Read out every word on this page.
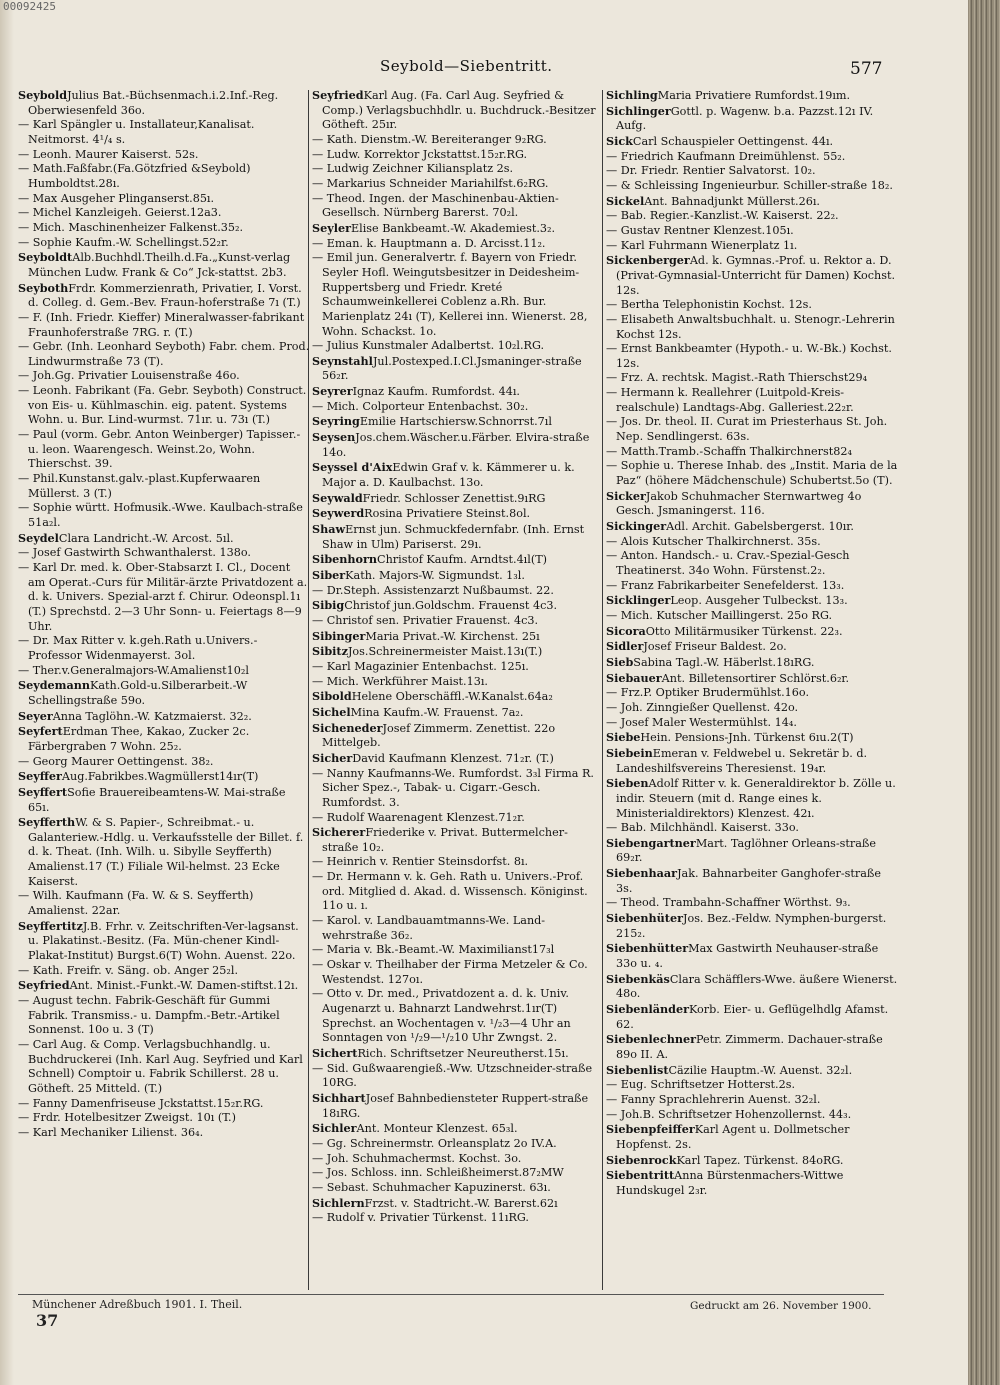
00092425
Seybold—Siebentritt.	577

SeyboldJulius Bat.-Büchsenmach.i.2.Inf.-Reg. Oberwiesenfeld 36o.

— Karl Spängler u. Installateur,Kanalisat. Neitmorst. 4¹/₄ s.

— Leonh. Maurer Kaiserst. 52s.

— Math.Faßfabr.(Fa.Götzfried &Seybold) Humboldtst.28ı.

— Max Ausgeher Plinganserst.85ı.

— Michel Kanzleigeh. Geierst.12a3.

— Mich. Maschinenheizer Falkenst.35₂.

— Sophie Kaufm.-W. Schellingst.52₂r.

SeyboldtAlb.Buchhdl.Theilh.d.Fa.„Kunst-verlag München Ludw. Frank & Co“ Jck-stattst. 2b3.

SeybothFrdr. Kommerzienrath, Privatier, I. Vorst. d. Colleg. d. Gem.-Bev. Fraun-hoferstraße 7ı (T.)

— F. (Inh. Friedr. Kieffer) Mineralwasser-fabrikant Fraunhoferstraße 7RG. r. (T.)

— Gebr. (Inh. Leonhard Seyboth) Fabr. chem. Prod. Lindwurmstraße 73 (T).

— Joh.Gg. Privatier Louisenstraße 46o.

— Leonh. Fabrikant (Fa. Gebr. Seyboth) Construct. von Eis- u. Kühlmaschin. eig. patent. Systems Wohn. u. Bur. Lind-wurmst. 71ır. u. 73ı (T.)

— Paul (vorm. Gebr. Anton Weinberger) Tapisser.-u. leon. Waarengesch. Weinst.2o, Wohn. Thierschst. 39.

— Phil.Kunstanst.galv.-plast.Kupferwaaren Müllerst. 3 (T.)

— Sophie württ. Hofmusik.-Wwe. Kaulbach-straße 51a₂l.

SeydelClara Landricht.-W. Arcost. 5ıl.

— Josef Gastwirth Schwanthalerst. 138o.

— Karl Dr. med. k. Ober-Stabsarzt I. Cl., Docent am Operat.-Curs für Militär-ärzte Privatdozent a. d. k. Univers. Spezial-arzt f. Chirur. Odeonspl.1ı (T.) Sprechstd. 2—3 Uhr Sonn- u. Feiertags 8—9 Uhr.

— Dr. Max Ritter v. k.geh.Rath u.Univers.-Professor Widenmayerst. 3ol.

— Ther.v.Generalmajors-W.Amalienst10₂l

SeydemannKath.Gold-u.Silberarbeit.-W Schellingstraße 59o.

SeyerAnna Taglöhn.-W. Katzmaierst. 32₂.

SeyfertErdman Thee, Kakao, Zucker 2c. Färbergraben 7 Wohn. 25₂.

— Georg Maurer Oettingenst. 38₂.

SeyfferAug.Fabrikbes.Wagmüllerst14ır(T)

SeyffertSofie Brauereibeamtens-W. Mai-straße 65ı.

SeyfferthW. & S. Papier-, Schreibmat.- u. Galanteriew.-Hdlg. u. Verkaufsstelle der Billet. f. d. k. Theat. (Inh. Wilh. u. Sibylle Seyfferth) Amalienst.17 (T.) Filiale Wil-helmst. 23 Ecke Kaiserst.

— Wilh. Kaufmann (Fa. W. & S. Seyfferth) Amalienst. 22ar.

SeyffertitzJ.B. Frhr. v. Zeitschriften-Ver-lagsanst. u. Plakatinst.-Besitz. (Fa. Mün-chener Kindl-Plakat-Institut) Burgst.6(T) Wohn. Auenst. 22o.

— Kath. Freifr. v. Säng. ob. Anger 25₂l.

SeyfriedAnt. Minist.-Funkt.-W. Damen-stiftst.12ı.

— August techn. Fabrik-Geschäft für Gummi Fabrik. Transmiss.- u. Dampfm.-Betr.-Artikel Sonnenst. 10o u. 3 (T)

— Carl Aug. & Comp. Verlagsbuchhandlg. u. Buchdruckerei (Inh. Karl Aug. Seyfried und Karl Schnell) Comptoir u. Fabrik Schillerst. 28 u. Götheft. 25 Mitteld. (T.)

— Fanny Damenfriseuse Jckstattst.15₂r.RG.

— Frdr. Hotelbesitzer Zweigst. 10ı (T.)

— Karl Mechaniker Lilienst. 36₄.

SeyfriedKarl Aug. (Fa. Carl Aug. Seyfried & Comp.) Verlagsbuchhdlr. u. Buchdruck.-Besitzer Götheft. 25ır.

— Kath. Dienstm.-W. Bereiteranger 9₂RG.

— Ludw. Korrektor Jckstattst.15₂r.RG.

— Ludwig Zeichner Kiliansplatz 2s.

— Markarius Schneider Mariahilfst.6₂RG.

— Theod. Ingen. der Maschinenbau-Aktien-Gesellsch. Nürnberg Barerst. 70₂l.

SeylerElise Bankbeamt.-W. Akademiest.3₂.

— Eman. k. Hauptmann a. D. Arcisst.11₂.

— Emil jun. Generalvertr. f. Bayern von Friedr. Seyler Hofl. Weingutsbesitzer in Deidesheim-Ruppertsberg und Friedr. Kreté Schaumweinkellerei Coblenz a.Rh. Bur. Marienplatz 24ı (T), Kellerei inn. Wienerst. 28, Wohn. Schackst. 1o.

— Julius Kunstmaler Adalbertst. 10₂l.RG.

SeynstahlJul.Postexped.I.Cl.Jsmaninger-straße 56₂r.

SeyrerIgnaz Kaufm. Rumfordst. 44ı.

— Mich. Colporteur Entenbachst. 30₂.

SeyringEmilie Hartschiersw.Schnorrst.7ıl

SeysenJos.chem.Wäscher.u.Färber. Elvira-straße 14o.

Seyssel d'AixEdwin Graf v. k. Kämmerer u. k. Major a. D. Kaulbachst. 13o.

SeywaldFriedr. Schlosser Zenettist.9ıRG

SeywerdRosina Privatiere Steinst.8ol.

ShawErnst jun. Schmuckfedernfabr. (Inh. Ernst Shaw in Ulm) Pariserst. 29ı.

SibenhornChristof Kaufm. Arndtst.4ıl(T)

SiberKath. Majors-W. Sigmundst. 1₃l.

— Dr.Steph. Assistenzarzt Nußbaumst. 22.

SibigChristof jun.Goldschm. Frauenst 4c3.

— Christof sen. Privatier Frauenst. 4c3.

SibingerMaria Privat.-W. Kirchenst. 25ı

SibitzJos.Schreinermeister Maist.13ı(T.)

— Karl Magazinier Entenbachst. 125ı.

— Mich. Werkführer Maist.13ı.

SiboldHelene Oberschäffl.-W.Kanalst.64a₂

SichelMina Kaufm.-W. Frauenst. 7a₂.

SichenederJosef Zimmerm. Zenettist. 22o Mittelgeb.

SicherDavid Kaufmann Klenzest. 71₂r. (T.)

— Nanny Kaufmanns-We. Rumfordst. 3₃l Firma R. Sicher Spez.-, Tabak- u. Cigarr.-Gesch. Rumfordst. 3.

— Rudolf Waarenagent Klenzest.71₂r.

SichererFriederike v. Privat. Buttermelcher-straße 10₂.

— Heinrich v. Rentier Steinsdorfst. 8ı.

— Dr. Hermann v. k. Geh. Rath u. Univers.-Prof. ord. Mitglied d. Akad. d. Wissensch. Königinst. 11o u. ı.

— Karol. v. Landbauamtmanns-We. Land-wehrstraße 36₂.

— Maria v. Bk.-Beamt.-W. Maximilianst17₃l

— Oskar v. Theilhaber der Firma Metzeler & Co. Westendst. 127oı.

— Otto v. Dr. med., Privatdozent a. d. k. Univ. Augenarzt u. Bahnarzt Landwehrst.1ır(T) Sprechst. an Wochentagen v. ¹/₂3—4 Uhr an Sonntagen von ¹/₂9—¹/₂10 Uhr Zwngst. 2.

SichertRich. Schriftsetzer Neureutherst.15ı.

— Sid. Gußwaarengieß.-Ww. Utzschneider-straße 10RG.

SichhartJosef Bahnbediensteter Ruppert-straße 18ıRG.

SichlerAnt. Monteur Klenzest. 65₃l.

— Gg. Schreinermstr. Orleansplatz 2o IV.A.

— Joh. Schuhmachermst. Kochst. 3o.

— Jos. Schloss. inn. Schleißheimerst.87₂MW

— Sebast. Schuhmacher Kapuzinerst. 63ı.

SichlernFrzst. v. Stadtricht.-W. Barerst.62ı

— Rudolf v. Privatier Türkenst. 11ıRG.

SichlingMaria Privatiere Rumfordst.19ım.

SichlingerGottl. p. Wagenw. b.a. Pazzst.12ı IV. Aufg.

SickCarl Schauspieler Oettingenst. 44ı.

— Friedrich Kaufmann Dreimühlenst. 55₂.

— Dr. Friedr. Rentier Salvatorst. 10₂.

— & Schleissing Ingenieurbur. Schiller-straße 18₂.

SickelAnt. Bahnadjunkt Müllerst.26ı.

— Bab. Regier.-Kanzlist.-W. Kaiserst. 22₂.

— Gustav Rentner Klenzest.105ı.

— Karl Fuhrmann Wienerplatz 1ı.

SickenbergerAd. k. Gymnas.-Prof. u. Rektor a. D. (Privat-Gymnasial-Unterricht für Damen) Kochst. 12s.

— Bertha Telephonistin Kochst. 12s.

— Elisabeth Anwaltsbuchhalt. u. Stenogr.-Lehrerin Kochst 12s.

— Ernst Bankbeamter (Hypoth.- u. W.-Bk.) Kochst. 12s.

— Frz. A. rechtsk. Magist.-Rath Thierschst29₄

— Hermann k. Reallehrer (Luitpold-Kreis-realschule) Landtags-Abg. Galleriest.22₂r.

— Jos. Dr. theol. II. Curat im Priesterhaus St. Joh. Nep. Sendlingerst. 63s.

— Matth.Tramb.-Schaffn Thalkirchnerst82₄

— Sophie u. Therese Inhab. des „Instit. Maria de la Paz“ (höhere Mädchenschule) Schubertst.5o (T).

SickerJakob Schuhmacher Sternwartweg 4o Gesch. Jsmaningerst. 116.

SickingerAdl. Archit. Gabelsbergerst. 10ır.

— Alois Kutscher Thalkirchnerst. 35s.

— Anton. Handsch.- u. Crav.-Spezial-Gesch Theatinerst. 34o Wohn. Fürstenst.2₂.

— Franz Fabrikarbeiter Senefelderst. 13₃.

SicklingerLeop. Ausgeher Tulbeckst. 13₃.

— Mich. Kutscher Maillingerst. 25o RG.

SicoraOtto Militärmusiker Türkenst. 22₃.

SidlerJosef Friseur Baldest. 2o.

SiebSabina Tagl.-W. Häberlst.18ıRG.

SiebauerAnt. Billetensortirer Schlörst.6₂r.

— Frz.P. Optiker Brudermühlst.16o.

— Joh. Zinngießer Quellenst. 42o.

— Josef Maler Westermühlst. 14₄.

SiebeHein. Pensions-Jnh. Türkenst 6ıu.2(T)

SiebeinEmeran v. Feldwebel u. Sekretär b. d. Landeshilfsvereins Theresienst. 19₄r.

SiebenAdolf Ritter v. k. Generaldirektor b. Zölle u. indir. Steuern (mit d. Range eines k. Ministerialdirektors) Klenzest. 42ı.

— Bab. Milchhändl. Kaiserst. 33o.

SiebengartnerMart. Taglöhner Orleans-straße 69₂r.

SiebenhaarJak. Bahnarbeiter Ganghofer-straße 3s.

— Theod. Trambahn-Schaffner Wörthst. 9₃.

SiebenhüterJos. Bez.-Feldw. Nymphen-burgerst. 215₂.

SiebenhütterMax Gastwirth Neuhauser-straße 33o u. ₄.

SiebenkäsClara Schäfflers-Wwe. äußere Wienerst. 48o.

SiebenländerKorb. Eier- u. Geflügelhdlg Afamst. 62.

SiebenlechnerPetr. Zimmerm. Dachauer-straße 89o II. A.

SiebenlistCäzilie Hauptm.-W. Auenst. 32₂l.

— Eug. Schriftsetzer Hotterst.2s.

— Fanny Sprachlehrerin Auenst. 32₂l.

— Joh.B. Schriftsetzer Hohenzollernst. 44₃.

SiebenpfeifferKarl Agent u. Dollmetscher Hopfenst. 2s.

SiebenrockKarl Tapez. Türkenst. 84oRG.

SiebentrittAnna Bürstenmachers-Wittwe Hundskugel 2₃r.

Münchener Adreßbuch 1901. I. Theil.
37
Gedruckt am 26. November 1900.
